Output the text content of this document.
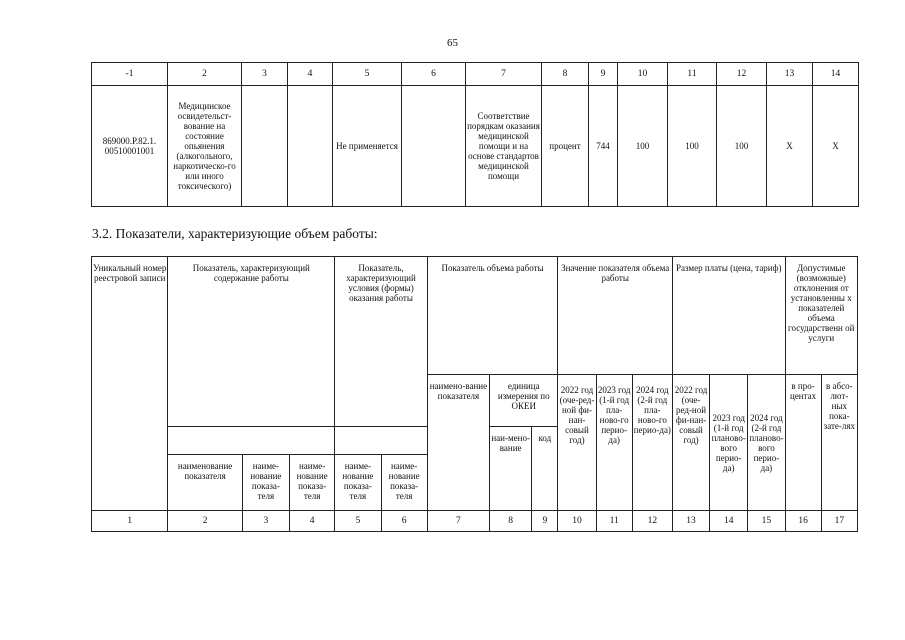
65
-1	2	3	4	5	6	7	8	9	10	11	12	13	14
869000.Р.82.1.
00510001001	Медицинское освидетельст-вование на состояние опьянения (алкогольного, наркотическо-го или иного токсического)			Не применяется		Соответствие порядкам оказания медицинской помощи и на основе стандартов медицинской помощи	процент	744	100	100	100	Х	Х
3.2. Показатели, характеризующие объем работы:
Уникальный номер реестровой записи	Показатель, характеризующий содержание работы			Показатель, характеризующий условия (формы) оказания работы		Показатель объема работы			Значение показателя объема работы			Размер платы (цена, тариф)			Допустимые (возможные) отклонения от установленны х показателей объема государственн ой услуги	
						наимено-вание показателя	единица измерения по ОКЕИ		2022 год (оче-ред-ной фи-нан-совый год)	2023 год (1-й год пла-ново-го перио-да)	2024 год (2-й год пла-ново-го перио-да)	2022 год (оче-ред-ной фи-нан-совый год)	2023 год (1-й год планово-вого перио-да)	2024 год (2-й год планово-вого перио-да)	в про-центах	в абсо-лют-ных пока-зате-лях
							наи-мено-вание	код								
	наименование показателя	наиме-нование показа-теля	наиме-нование показа-теля	наиме-нование показа-теля	наиме-нование показа-теля											
1	2	3	4	5	6	7	8	9	10	11	12	13	14	15	16	17
